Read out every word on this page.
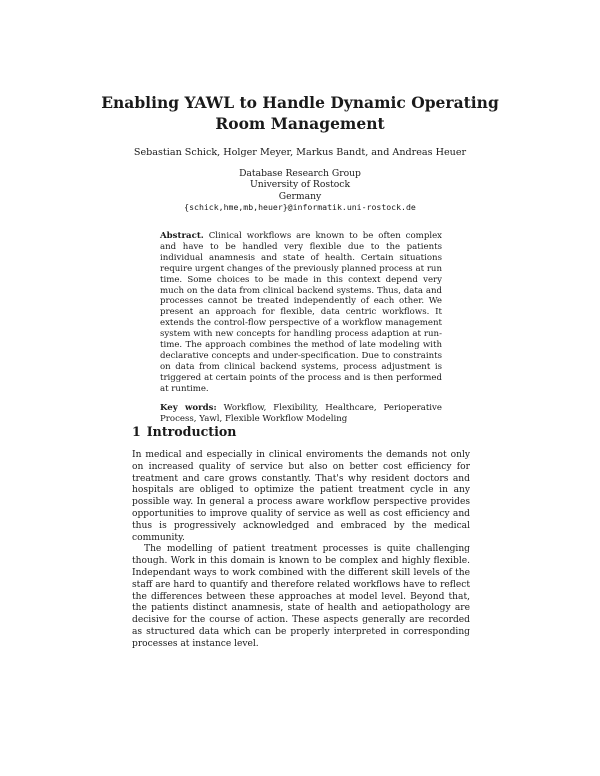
Enabling YAWL to Handle Dynamic Operating
Room Management
Sebastian Schick, Holger Meyer, Markus Bandt, and Andreas Heuer
Database Research Group
University of Rostock
Germany
{schick,hme,mb,heuer}@informatik.uni-rostock.de

Abstract. Clinical workflows are known to be often complex and have to be handled very flexible due to the patients individual anamnesis and state of health. Certain situations require urgent changes of the previously planned process at run time. Some choices to be made in this context depend very much on the data from clinical backend systems. Thus, data and processes cannot be treated independently of each other. We present an approach for flexible, data centric workflows. It extends the control-flow perspective of a workflow management system with new concepts for handling process adaption at run-time. The approach combines the method of late modeling with declarative concepts and under-specification. Due to constraints on data from clinical backend systems, process adjustment is triggered at certain points of the process and is then performed at runtime.

Key words: Workflow, Flexibility, Healthcare, Perioperative Process, Yawl, Flexible Workflow Modeling

1 Introduction

In medical and especially in clinical enviroments the demands not only on increased quality of service but also on better cost efficiency for treatment and care grows constantly. That's why resident doctors and hospitals are obliged to optimize the patient treatment cycle in any possible way. In general a process aware workflow perspective provides opportunities to improve quality of service as well as cost efficiency and thus is progressively acknowledged and embraced by the medical community.

The modelling of patient treatment processes is quite challenging though. Work in this domain is known to be complex and highly flexible. Independant ways to work combined with the different skill levels of the staff are hard to quantify and therefore related workflows have to reflect the differences between these approaches at model level. Beyond that, the patients distinct anamnesis, state of health and aetiopathology are decisive for the course of action. These aspects generally are recorded as structured data which can be properly interpreted in corresponding processes at instance level.
